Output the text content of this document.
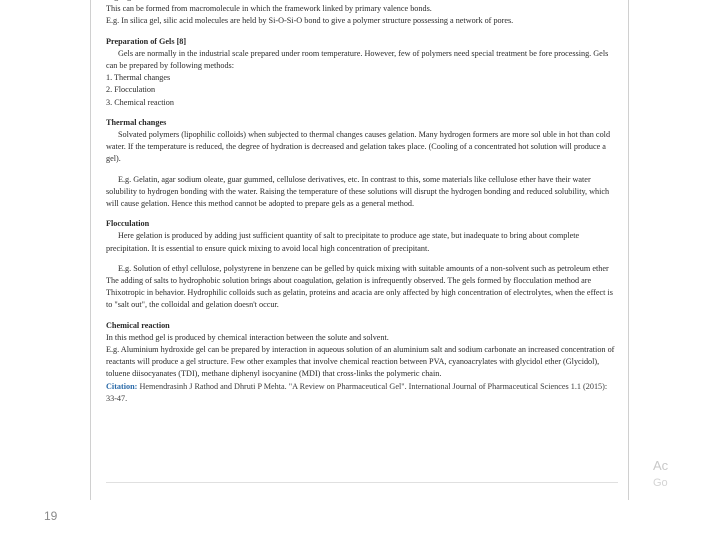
This can be formed from macromolecule in which the framework linked by primary valence bonds.

E.g. In silica gel, silic acid molecules are held by Si-O-Si-O bond to give a polymer structure possessing a network of pores.

Preparation of Gels [8]

Gels are normally in the industrial scale prepared under room temperature. However, few of polymers need special treatment be fore processing. Gels can be prepared by following methods:

1. Thermal changes
2. Flocculation
3. Chemical reaction

Thermal changes

Solvated polymers (lipophilic colloids) when subjected to thermal changes causes gelation. Many hydrogen formers are more sol uble in hot than cold water. If the temperature is reduced, the degree of hydration is decreased and gelation takes place. (Cooling of a concentrated hot solution will produce a gel).

E.g. Gelatin, agar sodium oleate, guar gummed, cellulose derivatives, etc. In contrast to this, some materials like cellulose ether have their water solubility to hydrogen bonding with the water. Raising the temperature of these solutions will disrupt the hydrogen bonding and reduced solubility, which will cause gelation. Hence this method cannot be adopted to prepare gels as a general method.

Flocculation

Here gelation is produced by adding just sufficient quantity of salt to precipitate to produce age state, but inadequate to bring about complete precipitation. It is essential to ensure quick mixing to avoid local high concentration of precipitant.

E.g. Solution of ethyl cellulose, polystyrene in benzene can be gelled by quick mixing with suitable amounts of a non-solvent such as petroleum ether The adding of salts to hydrophobic solution brings about coagulation, gelation is infrequently observed. The gels formed by flocculation method are Thixotropic in behavior. Hydrophilic colloids such as gelatin, proteins and acacia are only affected by high concentration of electrolytes, when the effect is to "salt out", the colloidal and gelation doesn't occur.

Chemical reaction

In this method gel is produced by chemical interaction between the solute and solvent.

E.g. Aluminium hydroxide gel can be prepared by interaction in aqueous solution of an aluminium salt and sodium carbonate an increased concentration of reactants will produce a gel structure. Few other examples that involve chemical reaction between PVA, cyanoacrylates with glycidol ether (Glycidol), toluene diisocyanates (TDI), methane diphenyl isocyanine (MDI) that cross-links the polymeric chain.

Citation: Hemendrasinh J Rathod and Dhruti P Mehta. "A Review on Pharmaceutical Gel". International Journal of Pharmaceutical Sciences 1.1 (2015): 33-47.

19
Ac
Go
